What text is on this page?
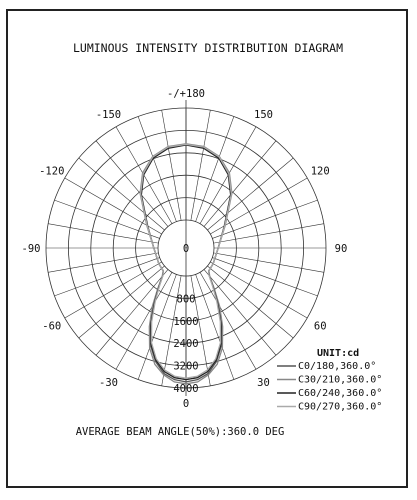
LUMINOUS INTENSITY DISTRIBUTION DIAGRAM
-/+180
150
-150
120
-120
90
-90
60
-60
30
-30
0
0
800
1600
2400
3200
4000
UNIT:cd
C0/180,360.0°
C30/210,360.0°
C60/240,360.0°
C90/270,360.0°
AVERAGE BEAM ANGLE(50%):360.0 DEG
